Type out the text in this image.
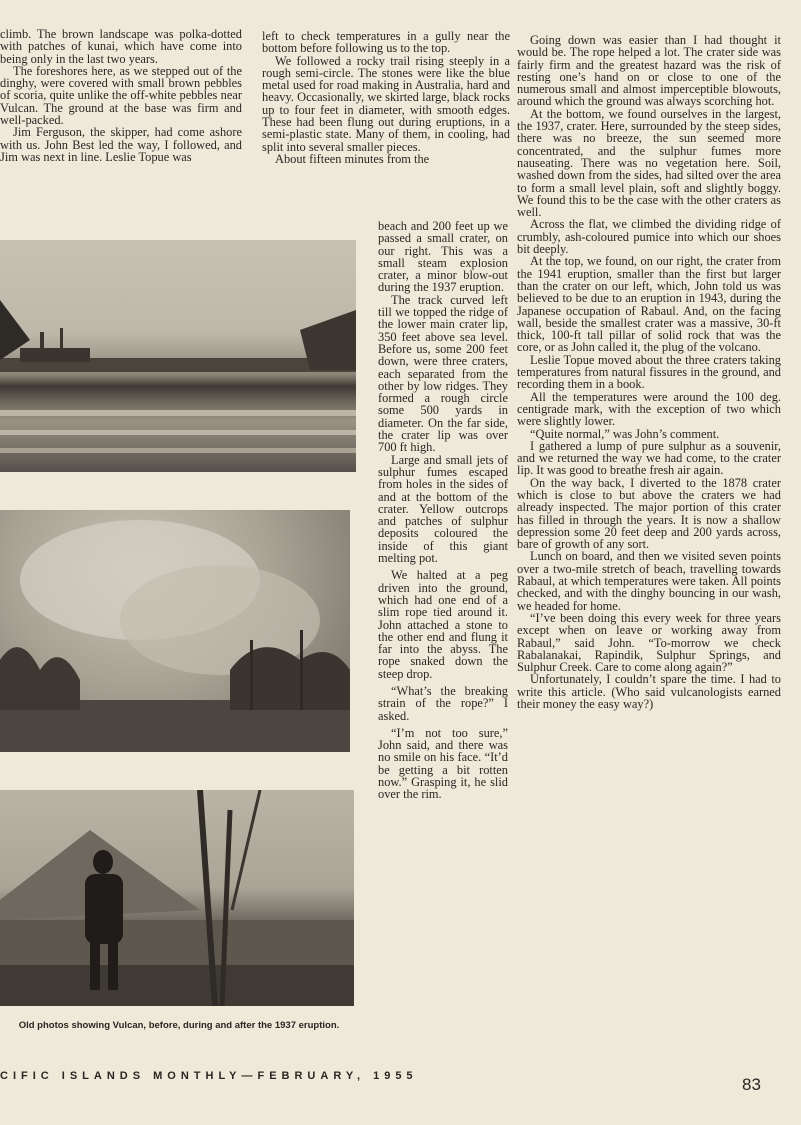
climb. The brown landscape was polka-dotted with patches of kunai, which have come into being only in the last two years.

The foreshores here, as we stepped out of the dinghy, were covered with small brown pebbles of scoria, quite unlike the off-white pebbles near Vulcan. The ground at the base was firm and well-packed.

Jim Ferguson, the skipper, had come ashore with us. John Best led the way, I followed, and Jim was next in line. Leslie Topue was

left to check temperatures in a gully near the bottom before following us to the top.

We followed a rocky trail rising steeply in a rough semi-circle. The stones were like the blue metal used for road making in Australia, hard and heavy. Occasionally, we skirted large, black rocks up to four feet in diameter, with smooth edges. These had been flung out during eruptions, in a semi-plastic state. Many of them, in cooling, had split into several smaller pieces.

About fifteen minutes from the

beach and 200 feet up we passed a small crater, on our right. This was a small steam explosion crater, a minor blow-out during the 1937 eruption.

The track curved left till we topped the ridge of the lower main crater lip, 350 feet above sea level. Before us, some 200 feet down, were three craters, each separated from the other by low ridges. They formed a rough circle some 500 yards in diameter. On the far side, the crater lip was over 700 ft high.

Large and small jets of sulphur fumes escaped from holes in the sides of and at the bottom of the crater. Yellow outcrops and patches of sulphur deposits coloured the inside of this giant melting pot.

We halted at a peg driven into the ground, which had one end of a slim rope tied around it. John attached a stone to the other end and flung it far into the abyss. The rope snaked down the steep drop.

“What’s the breaking strain of the rope?” I asked.

“I’m not too sure,” John said, and there was no smile on his face. “It’d be getting a bit rotten now.” Grasping it, he slid over the rim.

Going down was easier than I had thought it would be. The rope helped a lot. The crater side was fairly firm and the greatest hazard was the risk of resting one’s hand on or close to one of the numerous small and almost imperceptible blowouts, around which the ground was always scorching hot.

At the bottom, we found ourselves in the largest, the 1937, crater. Here, surrounded by the steep sides, there was no breeze, the sun seemed more concentrated, and the sulphur fumes more nauseating. There was no vegetation here. Soil, washed down from the sides, had silted over the area to form a small level plain, soft and slightly boggy. We found this to be the case with the other craters as well.

Across the flat, we climbed the dividing ridge of crumbly, ash-coloured pumice into which our shoes bit deeply.

At the top, we found, on our right, the crater from the 1941 eruption, smaller than the first but larger than the crater on our left, which, John told us was believed to be due to an eruption in 1943, during the Japanese occupation of Rabaul. And, on the facing wall, beside the smallest crater was a massive, 30-ft thick, 100-ft tall pillar of solid rock that was the core, or as John called it, the plug of the volcano.

Leslie Topue moved about the three craters taking temperatures from natural fissures in the ground, and recording them in a book.

All the temperatures were around the 100 deg. centigrade mark, with the exception of two which were slightly lower.

“Quite normal,” was John’s comment.

I gathered a lump of pure sulphur as a souvenir, and we returned the way we had come, to the crater lip. It was good to breathe fresh air again.

On the way back, I diverted to the 1878 crater which is close to but above the craters we had already inspected. The major portion of this crater has filled in through the years. It is now a shallow depression some 20 feet deep and 200 yards across, bare of growth of any sort.

Lunch on board, and then we visited seven points over a two-mile stretch of beach, travelling towards Rabaul, at which temperatures were taken. All points checked, and with the dinghy bouncing in our wash, we headed for home.

“I’ve been doing this every week for three years except when on leave or working away from Rabaul,” said John. “To-morrow we check Rabalanakai, Rapindik, Sulphur Springs, and Sulphur Creek. Care to come along again?”

Unfortunately, I couldn’t spare the time. I had to write this article. (Who said vulcanologists earned their money the easy way?)

Old photos showing Vulcan, before, during and after the 1937 eruption.
CIFIC ISLANDS MONTHLY—FEBRUARY, 1955	83
